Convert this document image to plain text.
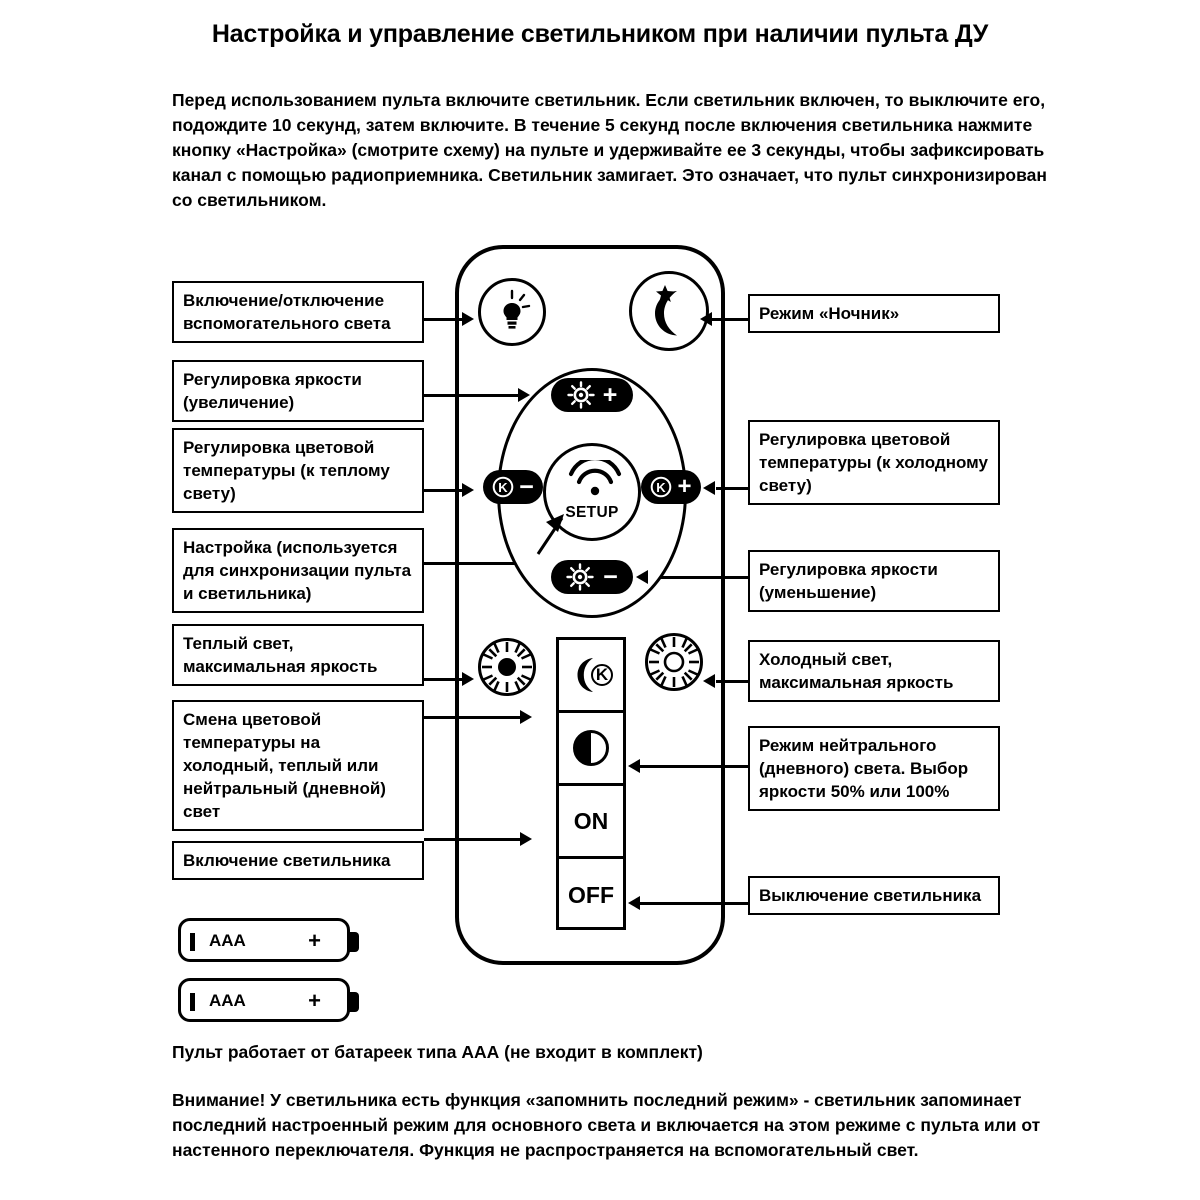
Настройка и управление светильником при наличии пульта ДУ
Перед использованием пульта включите светильник. Если светильник включен, то выключите его, подождите 10 секунд, затем включите. В течение 5 секунд после включения светильника нажмите кнопку «Настройка» (смотрите схему) на пульте и удерживайте ее 3 секунды, чтобы зафиксировать канал с помощью радиоприемника. Светильник замигает. Это означает, что пульт синхронизирован со светильником.
SETUP
+
−
K −	K +
K
ON
OFF
Включение/отключение вспомогательного света
Регулировка яркости (увеличение)
Регулировка цветовой температуры (к теплому свету)
Настройка (используется для синхронизации пульта и светильника)
Теплый свет, максимальная яркость
Смена цветовой температуры на холодный, теплый или нейтральный (дневной) свет
Включение светильника
Режим «Ночник»
Регулировка цветовой температуры (к холодному свету)
Регулировка яркости (уменьшение)
Холодный свет, максимальная яркость
Режим нейтрального (дневного) света. Выбор яркости 50% или 100%
Выключение светильника
AAA	+
AAA	+
Пульт работает от батареек типа ААА (не входит в комплект)
Внимание! У светильника есть функция «запомнить последний режим» - светильник запоминает последний настроенный режим для основного света и включается на этом режиме с пульта или от настенного переключателя. Функция не распространяется на вспомогательный свет.
